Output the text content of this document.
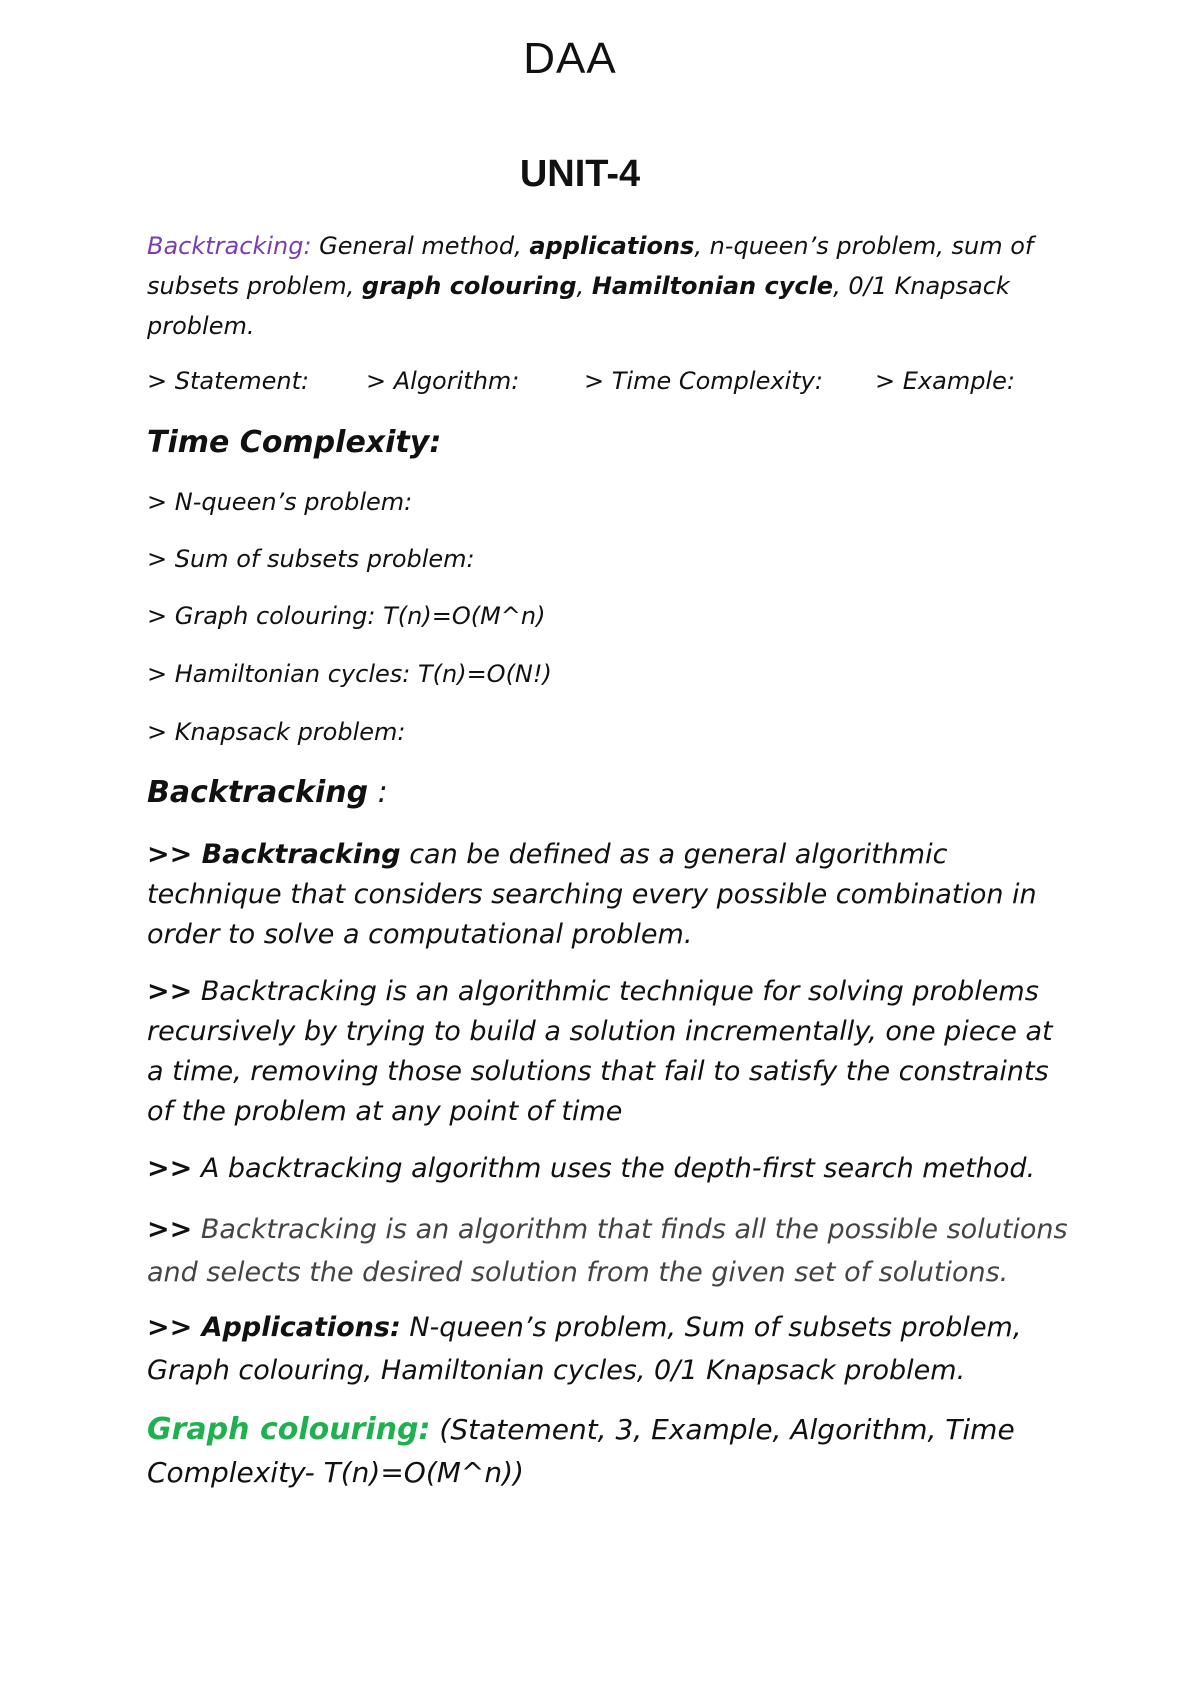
DAA
UNIT-4
Backtracking: General method, applications, n-queen’s problem, sum of subsets problem, graph colouring, Hamiltonian cycle, 0/1 Knapsack problem.
> Statement: > Algorithm:	> Time Complexity: > Example:
Time Complexity:
> N-queen’s problem:
> Sum of subsets problem:
> Graph colouring: T(n)=O(M^n)
> Hamiltonian cycles: T(n)=O(N!)
> Knapsack problem:
Backtracking :
>> Backtracking can be defined as a general algorithmic technique that considers searching every possible combination in order to solve a computational problem.
>> Backtracking is an algorithmic technique for solving problems recursively by trying to build a solution incrementally, one piece at a time, removing those solutions that fail to satisfy the constraints of the problem at any point of time
>> A backtracking algorithm uses the depth-first search method.
>> Backtracking is an algorithm that finds all the possible solutions and selects the desired solution from the given set of solutions.
>> Applications: N-queen’s problem, Sum of subsets problem, Graph colouring, Hamiltonian cycles, 0/1 Knapsack problem.
Graph colouring: (Statement, 3, Example, Algorithm, Time Complexity- T(n)=O(M^n))
